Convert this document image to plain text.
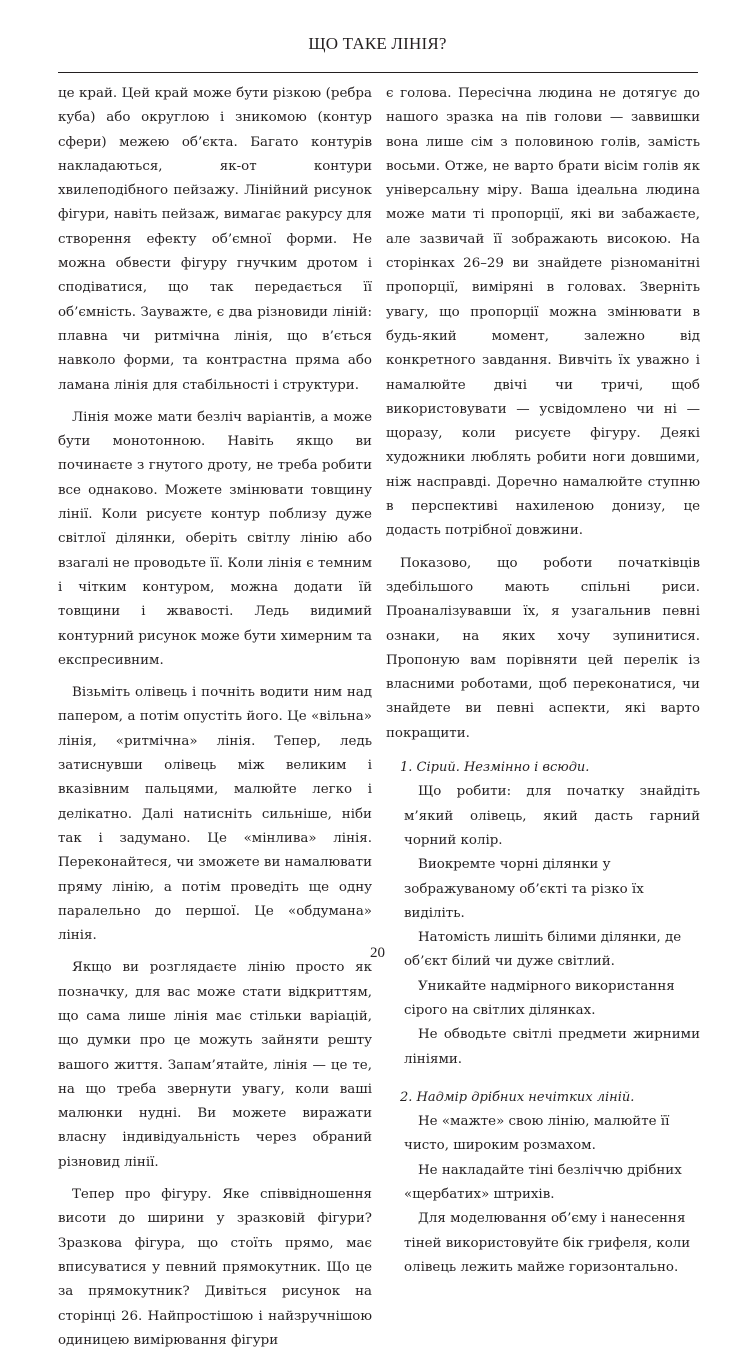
ЩО ТАКЕ ЛІНІЯ?

це край. Цей край може бути різкою (ребра куба) або округлою і зникомою (контур сфери) межею об’єкта. Багато контурів накладаються, як-от контури хвилеподібного пейзажу. Лінійний рисунок фігури, навіть пейзаж, вимагає ракурсу для створення ефекту об’ємної форми. Не можна обвести фігуру гнучким дротом і сподіватися, що так передається її об’ємність. Зауважте, є два різновиди ліній: плавна чи ритмічна лінія, що в’ється навколо форми, та контрастна пряма або ламана лінія для стабільності і структури.

Лінія може мати безліч варіантів, а може бути монотонною. Навіть якщо ви починаєте з гнутого дроту, не треба робити все однаково. Можете змінювати товщину лінії. Коли рисуєте контур поблизу дуже світлої ділянки, оберіть світлу лінію або взагалі не проводьте її. Коли лінія є темним і чітким контуром, можна додати їй товщини і жвавості. Ледь видимий контурний рисунок може бути химерним та експресивним.

Візьміть олівець і почніть водити ним над папером, а потім опустіть його. Це «вільна» лінія, «ритмічна» лінія. Тепер, ледь затиснувши олівець між великим і вказівним пальцями, малюйте легко і делікатно. Далі натисніть сильніше, ніби так і задумано. Це «мінлива» лінія. Переконайтеся, чи зможете ви намалювати пряму лінію, а потім проведіть ще одну паралельно до першої. Це «обдумана» лінія.

Якщо ви розглядаєте лінію просто як позначку, для вас може стати відкриттям, що сама лише лінія має стільки варіацій, що думки про це можуть зайняти решту вашого життя. Запам’ятайте, лінія — це те, на що треба звернути увагу, коли ваші малюнки нудні. Ви можете виражати власну індивідуальність через обраний різновид лінії.

Тепер про фігуру. Яке співвідношення висоти до ширини у зразковій фігури? Зразкова фігура, що стоїть прямо, має вписуватися у певний прямокутник. Що це за прямокутник? Дивіться рисунок на сторінці 26. Найпростішою і найзручнішою одиницею вимірювання фігури

є голова. Пересічна людина не дотягує до нашого зразка на пів голови — заввишки вона лише сім з половиною голів, замість восьми. Отже, не варто брати вісім голів як універсальну міру. Ваша ідеальна людина може мати ті пропорції, які ви забажаєте, але зазвичай її зображають високою. На сторінках 26–29 ви знайдете різноманітні пропорції, виміряні в головах. Зверніть увагу, що пропорції можна змінювати в будь-який момент, залежно від конкретного завдання. Вивчіть їх уважно і намалюйте двічі чи тричі, щоб використовувати — усвідомлено чи ні — щоразу, коли рисуєте фігуру. Деякі художники люблять робити ноги довшими, ніж насправді. Доречно намалюйте ступню в перспективі нахиленою донизу, це додасть потрібної довжини.

Показово, що роботи початківців здебільшого мають спільні риси. Проаналізувавши їх, я узагальнив певні ознаки, на яких хочу зупинитися. Пропоную вам порівняти цей перелік із власними роботами, щоб переконатися, чи знайдете ви певні аспекти, які варто покращити.

1. Сірий. Незмінно і всюди.

Що робити: для початку знайдіть м’який олівець, який дасть гарний чорний колір.

Виокремте чорні ділянки у зображуваному об’єкті та різко їх виділіть.

Натомість лишіть білими ділянки, де об’єкт білий чи дуже світлий.

Уникайте надмірного використання сірого на світлих ділянках.

Не обводьте світлі предмети жирними лініями.

2. Надмір дрібних нечітких ліній.

Не «мажте» свою лінію, малюйте її чисто, широким розмахом.

Не накладайте тіні безліччю дрібних «щербатих» штрихів.

Для моделювання об’єму і нанесення тіней використовуйте бік грифеля, коли олівець лежить майже горизонтально.

20
